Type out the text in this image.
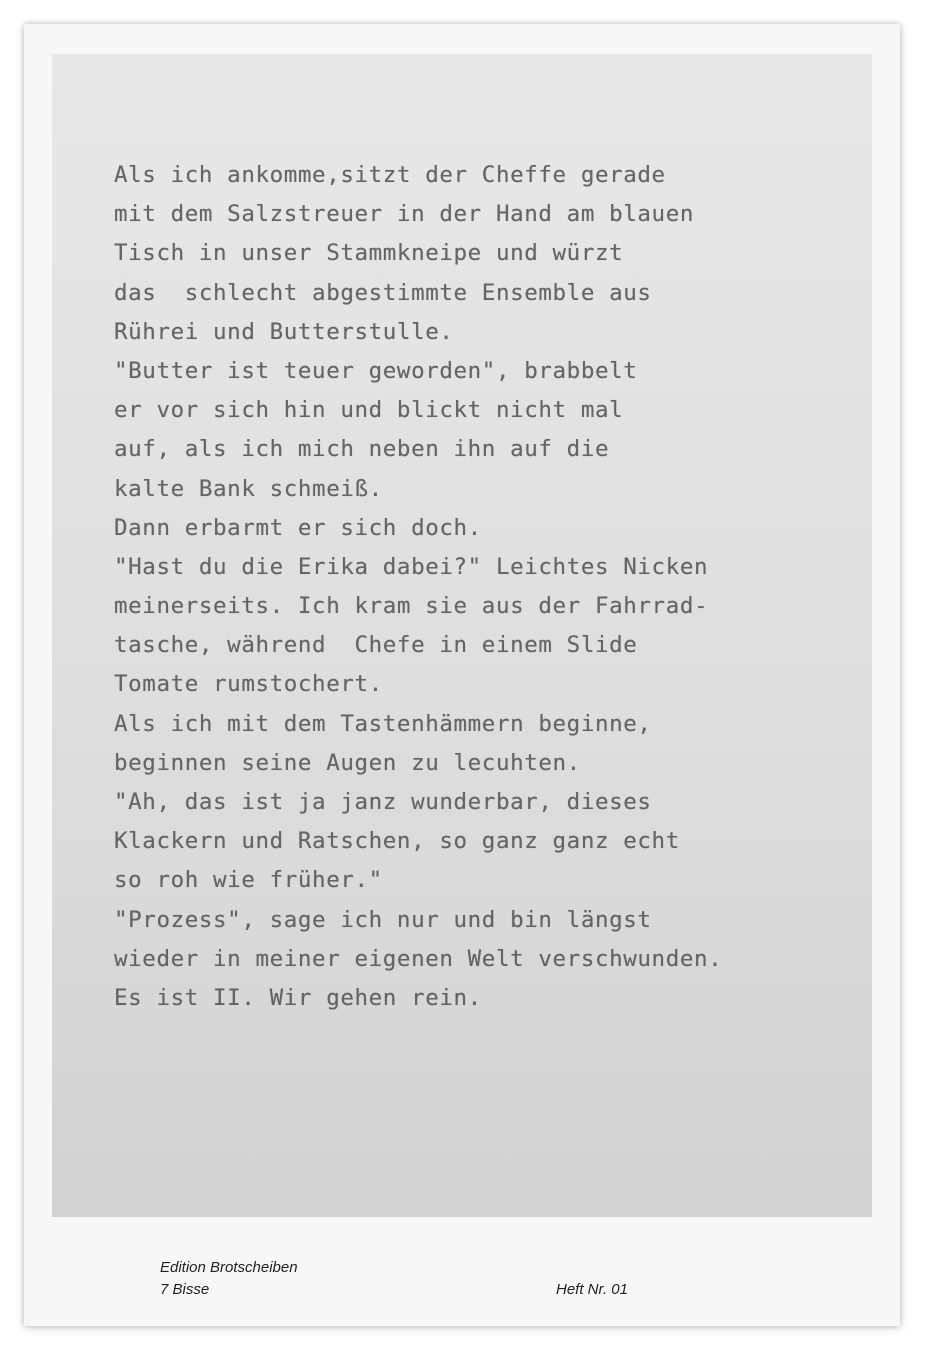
Als ich ankomme,sitzt der Cheffe gerade
mit dem Salzstreuer in der Hand am blauen
Tisch in unser Stammkneipe und würzt
das  schlecht abgestimmte Ensemble aus
Rührei und Butterstulle.
"Butter ist teuer geworden", brabbelt
er vor sich hin und blickt nicht mal
auf, als ich mich neben ihn auf die
kalte Bank schmeiß.
Dann erbarmt er sich doch.
"Hast du die Erika dabei?" Leichtes Nicken
meinerseits. Ich kram sie aus der Fahrrad-
tasche, während  Chefe in einem Slide
Tomate rumstochert.
Als ich mit dem Tastenhämmern beginne,
beginnen seine Augen zu lecuhten.
"Ah, das ist ja janz wunderbar, dieses
Klackern und Ratschen, so ganz ganz echt
so roh wie früher."
"Prozess", sage ich nur und bin längst
wieder in meiner eigenen Welt verschwunden.
Es ist II. Wir gehen rein.
Edition Brotscheiben
7 Bisse	Heft Nr. 01
